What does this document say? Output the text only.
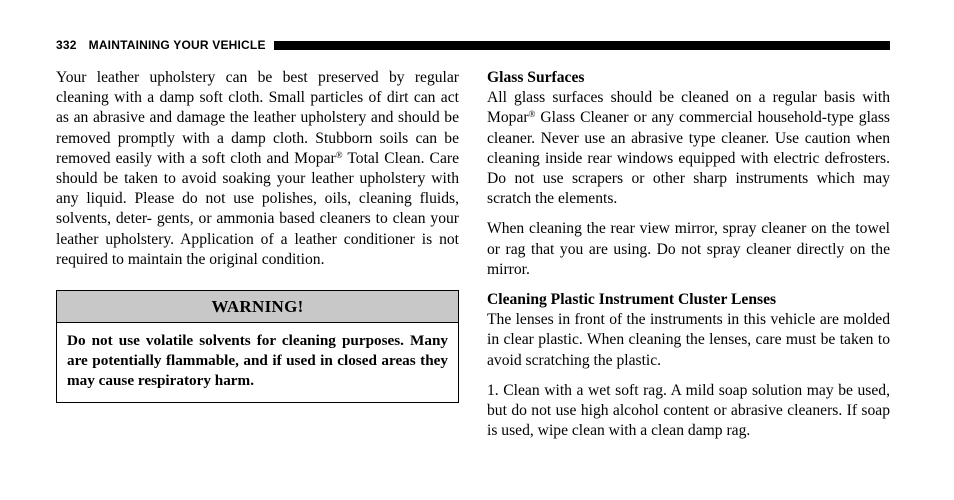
332 MAINTAINING YOUR VEHICLE

Your leather upholstery can be best preserved by regular cleaning with a damp soft cloth. Small particles of dirt can act as an abrasive and damage the leather upholstery and should be removed promptly with a damp cloth. Stubborn soils can be removed easily with a soft cloth and Mopar® Total Clean. Care should be taken to avoid soaking your leather upholstery with any liquid. Please do not use polishes, oils, cleaning fluids, solvents, deter- gents, or ammonia based cleaners to clean your leather upholstery. Application of a leather conditioner is not required to maintain the original condition.

WARNING!
Do not use volatile solvents for cleaning purposes. Many are potentially flammable, and if used in closed areas they may cause respiratory harm.
Glass Surfaces

All glass surfaces should be cleaned on a regular basis with Mopar® Glass Cleaner or any commercial household-type glass cleaner. Never use an abrasive type cleaner. Use caution when cleaning inside rear windows equipped with electric defrosters. Do not use scrapers or other sharp instruments which may scratch the elements.

When cleaning the rear view mirror, spray cleaner on the towel or rag that you are using. Do not spray cleaner directly on the mirror.

Cleaning Plastic Instrument Cluster Lenses

The lenses in front of the instruments in this vehicle are molded in clear plastic. When cleaning the lenses, care must be taken to avoid scratching the plastic.

1. Clean with a wet soft rag. A mild soap solution may be used, but do not use high alcohol content or abrasive cleaners. If soap is used, wipe clean with a clean damp rag.
